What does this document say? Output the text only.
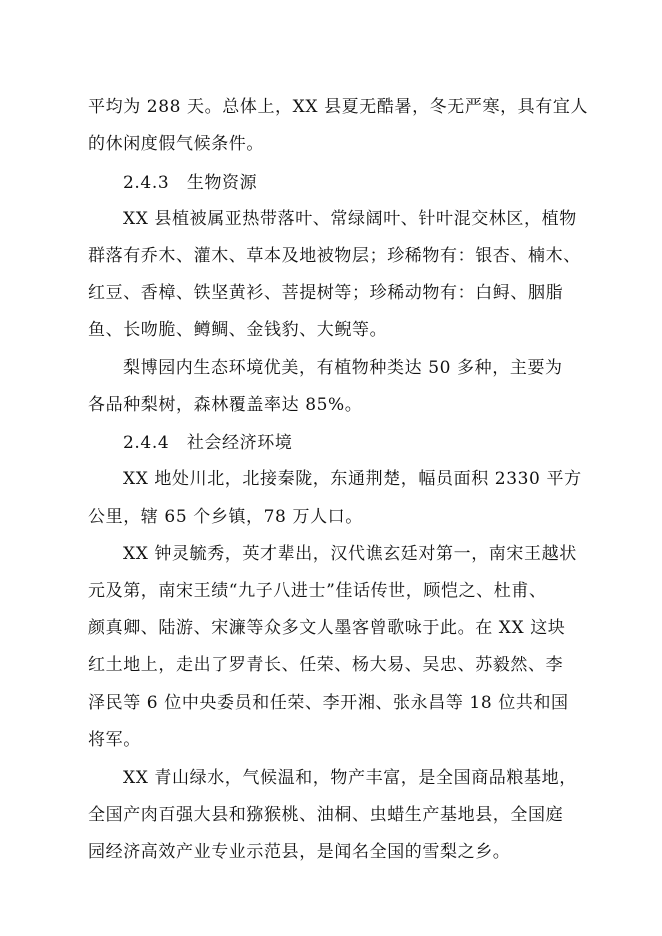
平均为 288 天。总体上，XX 县夏无酷暑，冬无严寒，具有宜人
的休闲度假气候条件。
2.4.3　生物资源
XX 县植被属亚热带落叶、常绿阔叶、针叶混交林区，植物
群落有乔木、灌木、草本及地被物层；珍稀物有：银杏、楠木、
红豆、香樟、铁坚黄衫、菩提树等；珍稀动物有：白鲟、胭脂
鱼、长吻脆、鳟鲷、金钱豹、大鲵等。
梨博园内生态环境优美，有植物种类达 50 多种，主要为
各品种梨树，森林覆盖率达 85%。
2.4.4　社会经济环境
XX 地处川北，北接秦陇，东通荆楚，幅员面积 2330 平方
公里，辖 65 个乡镇，78 万人口。
XX 钟灵毓秀，英才辈出，汉代谯玄廷对第一，南宋王越状
元及第，南宋王绩“九子八进士”佳话传世，顾恺之、杜甫、
颜真卿、陆游、宋濂等众多文人墨客曾歌咏于此。在 XX 这块
红土地上，走出了罗青长、任荣、杨大易、吴忠、苏毅然、李
泽民等 6 位中央委员和任荣、李开湘、张永昌等 18 位共和国
将军。
XX 青山绿水，气候温和，物产丰富，是全国商品粮基地，
全国产肉百强大县和猕猴桃、油桐、虫蜡生产基地县，全国庭
园经济高效产业专业示范县，是闻名全国的雪梨之乡。
